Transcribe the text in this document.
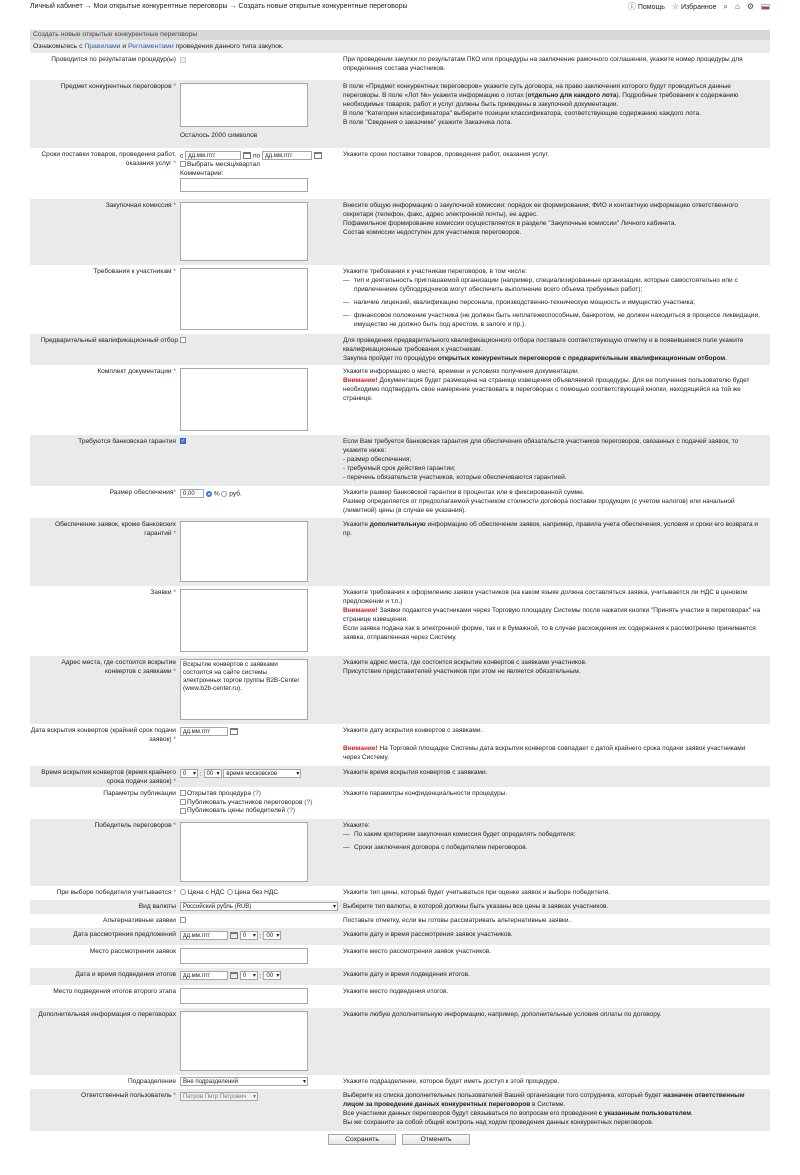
Личный кабинет → Мои открытые конкурентные переговоры → Создать новые открытые конкурентные переговоры	ⓘ Помощь ☆ Избранное ⌕ ⌂ ⚙
Создать новые открытые конкурентные переговоры
Ознакомьтесь с Правилами и Регламентами проведения данного типа закупок.
Проводится по результатам процедур(ы)	При проведении закупки по результатам ПКО или процедуры на заключение рамочного соглашения, укажите номер процедуры для определения состава участников.
Предмет конкурентных переговоров *
Осталось 2000 символов
В поле «Предмет конкурентных переговоров» укажите суть договора, на право заключения которого будут проводиться данные переговоры. В поле «Лот №» укажите информацию о лотах (отдельно для каждого лота). Подробные требования к содержанию необходимых товаров, работ и услуг должны быть приведены в закупочной документации.
В поле "Категории классификатора" выберите позиции классификатора, соответствующие содержанию каждого лота.
В поле "Сведения о заказчике" укажите Заказчика лота.
Сроки поставки товаров, проведения работ, оказания услуг *
с дд.мм.гггг	по дд.мм.гггг
Выбрать месяц/квартал
Комментарии:
Укажите сроки поставки товаров, проведения работ, оказания услуг.
Закупочная комиссия *	Внесите общую информацию о закупочной комиссии: порядок ее формирования, ФИО и контактную информацию ответственного секретаря (телефон, факс, адрес электронной почты), ее адрес.
Пофамильное формирование комиссии осуществляется в разделе "Закупочные комиссии" Личного кабинета.
Состав комиссии недоступен для участников переговоров.
Требования к участникам *	Укажите требования к участникам переговоров, в том числе:
— тип и деятельность приглашаемой организации (например, специализированные организации, которые самостоятельно или с привлечением субподрядчиков могут обеспечить выполнение всего объема требуемых работ);
— наличие лицензий, квалификацию персонала, производственно-техническую мощность и имущество участника;
— финансовое положение участника (не должен быть неплатежеспособным, банкротом, не должен находиться в процессе ликвидации, имущество не должно быть под арестом, в залоге и пр.).
Предварительный квалификационный отбор	Для проведения предварительного квалификационного отбора поставьте соответствующую отметку и в появившемся поле укажите квалификационные требования к участникам.
Закупка пройдет по процедуре открытых конкурентных переговоров с предварительным квалификационным отбором.
Комплект документации *	Укажите информацию о месте, времени и условиях получения документации.
Внимание! Документация будет размещена на странице извещения объявляемой процедуры. Для ее получения пользователю будет необходимо подтвердить свое намерение участвовать в переговорах с помощью соответствующей кнопки, находящейся на той же странице.
Требуются банковская гарантия
✓	Если Вам требуется банковская гарантия для обеспечения обязательств участников переговоров, связанных с подачей заявок, то укажите ниже:
- размер обеспечения;
- требуемый срок действия гарантии;
- перечень обязательств участников, которые обеспечиваются гарантией.
Размер обеспечения*	0.00	% руб.	Укажите размер банковской гарантии в процентах или в фиксированной сумме.
Размер определяется от предполагаемой участником стоимости договора поставки продукции (с учетом налогов) или начальной (лимитной) цены (в случае ее указания).
Обеспечение заявок, кроме банковских гарантий *
Укажите дополнительную информацию об обеспечении заявок, например, правила учета обеспечения, условия и сроки его возврата и пр.
Заявки *	Укажите требования к оформлению заявок участников (на каком языке должна составляться заявка, учитывается ли НДС в ценовом предложении и т.п.)
Внимание! Заявки подаются участниками через Торговую площадку Системы после нажатия кнопки "Принять участие в переговорах" на странице извещения.
Если заявка подана как в электронной форме, так и в бумажной, то в случае расхождения их содержания к рассмотрению принимается заявка, отправленная через Систему.
Адрес места, где состоится вскрытие конвертов с заявками *
Вскрытие конвертов с заявками состоится на сайте системы электронных торгов группы B2B-Center (www.b2b-center.ru).
Укажите адрес места, где состоится вскрытие конвертов с заявками участников.
Присутствие представителей участников при этом не является обязательным.
Дата вскрытия конвертов (крайний срок подачи заявок) *
дд.мм.гггг	Укажите дату вскрытия конвертов с заявками.

Внимание! На Торговой площадке Системы дата вскрытия конвертов совпадает с датой крайнего срока подачи заявок участниками через Систему.
Время вскрытия конвертов (время крайнего срока подачи заявок) *
0 ▾ : 00 ▾ время московское ▾	Укажите время вскрытия конвертов с заявками.
Параметры публикации	Открытая процедура (?)
Публиковать участников переговоров (?)
Публиковать цены победителей (?)
Укажите параметры конфиденциальности процедуры.
Победитель переговоров *	Укажите:
— По каким критериям закупочная комиссия будет определять победителя;
— Сроки заключения договора с победителем переговоров.
При выборе победителя учитывается *	Цена с НДС Цена без НДС	Укажите тип цены, который будет учитываться при оценке заявок и выборе победителя.
Вид валюты	Российский рубль (RUB) ▾	Выберите тип валюты, в которой должны быть указаны все цены в заявках участников.
Альтернативные заявки	Поставьте отметку, если вы готовы рассматривать альтернативные заявки.
Дата рассмотрения предложений	дд.мм.гггг	0 ▾ : 00 ▾	Укажите дату и время рассмотрения заявок участников.
Место рассмотрения заявок	Укажите место рассмотрения заявок участников.
Дата и время подведения итогов	дд.мм.гггг	0 ▾ : 00 ▾	Укажите дату и время подведения итогов.
Место подведения итогов второго этапа	Укажите место подведения итогов.
Дополнительная информация о переговорах	Укажите любую дополнительную информацию, например, дополнительные условия оплаты по договору.
Подразделение	Вне подразделений ▾	Укажите подразделение, которое будет иметь доступ к этой процедуре.
Ответственный пользователь *	Петров Петр Петрович ▾	Выберите из списка дополнительных пользователей Вашей организации того сотрудника, который будет назначен ответственным лицом за проведение данных конкурентных переговоров в Системе.
Все участники данных переговоров будут связываться по вопросам его проведения с указанным пользователем.
Вы же сохраните за собой общий контроль над ходом проведения данных конкурентных переговоров.
Сохранить	Отменить
